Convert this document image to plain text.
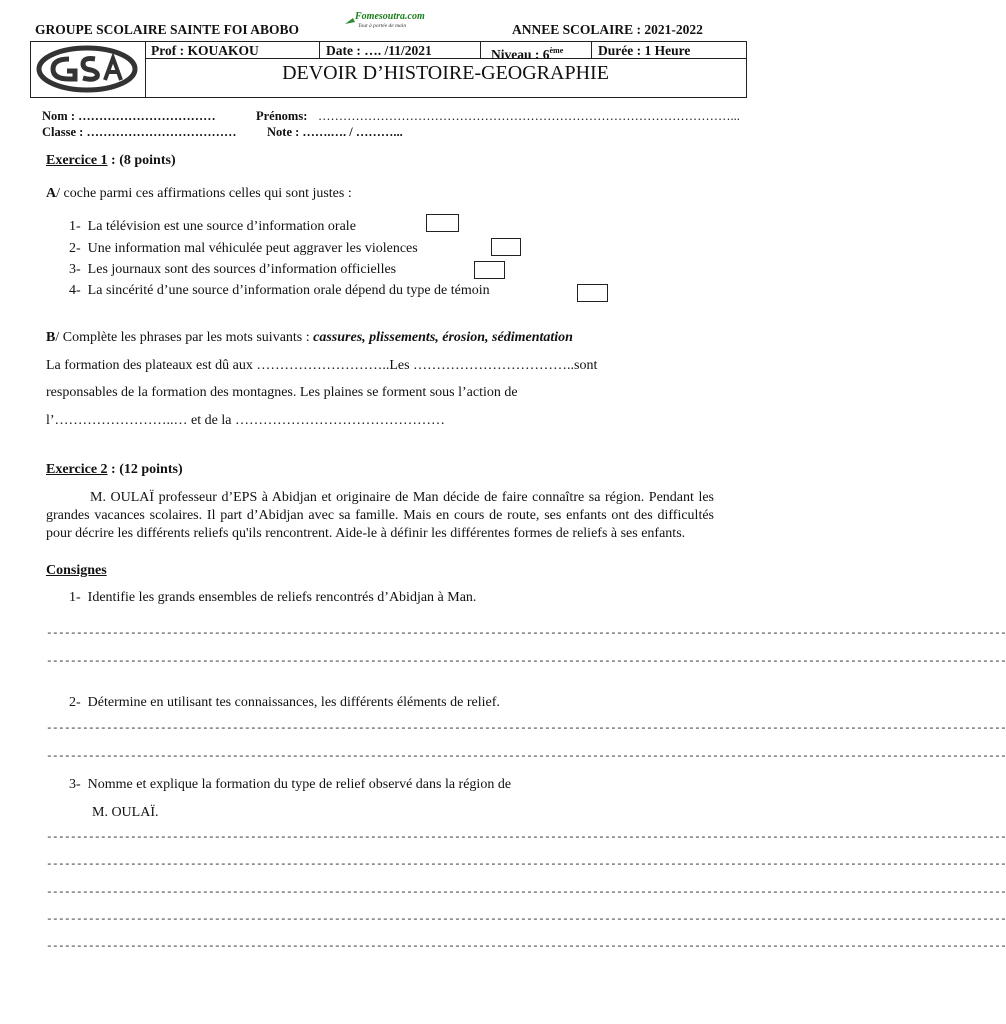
GROUPE SCOLAIRE SAINTE FOI ABOBO
Fomesoutra.com
Tout à portée de main	ANNEE SCOLAIRE : 2021-2022
Prof : KOUAKOU	Date : …. /11/2021	Niveau : 6ème	Durée : 1 Heure
DEVOIR D’HISTOIRE-GEOGRAPHIE
Nom : ……………………………	Prénoms: ………………………………………………………………………………………...
Classe : ……………………………… Note : …….…. / ………...
Exercice 1 : (8 points)
A/ coche parmi ces affirmations celles qui sont justes :
1- La télévision est une source d’information orale
2- Une information mal véhiculée peut aggraver les violences
3- Les journaux sont des sources d’information officielles
4- La sincérité d’une source d’information orale dépend du type de témoin
B/ Complète les phrases par les mots suivants : cassures, plissements, érosion, sédimentation
La formation des plateaux est dû aux ………………………..Les ……………………………..sont
responsables de la formation des montagnes. Les plaines se forment sous l’action de
l’……………………..… et de la ………………………………………
Exercice 2 : (12 points)
M. OULAÏ professeur d’EPS à Abidjan et originaire de Man décide de faire connaître sa région. Pendant les grandes vacances scolaires. Il part d’Abidjan avec sa famille. Mais en cours de route, ses enfants ont des difficultés pour décrire les différents reliefs qu'ils rencontrent. Aide-le à définir les différentes formes de reliefs à ses enfants.
Consignes
1- Identifie les grands ensembles de reliefs rencontrés d’Abidjan à Man.
----------------------------------------------------------------------------------------------------------------------------------------------------------------
----------------------------------------------------------------------------------------------------------------------------------------------------------------
2- Détermine en utilisant tes connaissances, les différents éléments de relief.
----------------------------------------------------------------------------------------------------------------------------------------------------------------
----------------------------------------------------------------------------------------------------------------------------------------------------------------
3- Nomme et explique la formation du type de relief observé dans la région de
M. OULAÏ.
----------------------------------------------------------------------------------------------------------------------------------------------------------------
----------------------------------------------------------------------------------------------------------------------------------------------------------------
----------------------------------------------------------------------------------------------------------------------------------------------------------------
----------------------------------------------------------------------------------------------------------------------------------------------------------------
----------------------------------------------------------------------------------------------------------------------------------------------------------------
